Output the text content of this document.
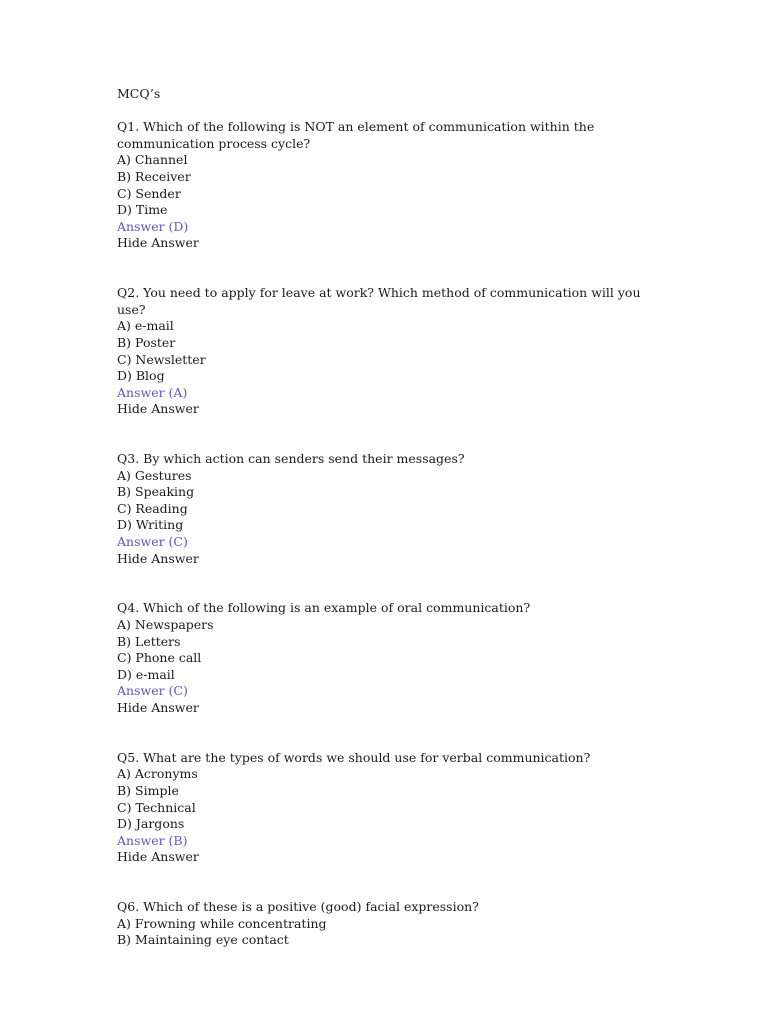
MCQ’s

Q1. Which of the following is NOT an element of communication within the communication process cycle?

A) Channel

B) Receiver

C) Sender

D) Time

Answer (D)

Hide Answer

Q2. You need to apply for leave at work? Which method of communication will you use?

A) e-mail

B) Poster

C) Newsletter

D) Blog

Answer (A)

Hide Answer

Q3. By which action can senders send their messages?

A) Gestures

B) Speaking

C) Reading

D) Writing

Answer (C)

Hide Answer

Q4. Which of the following is an example of oral communication?

A) Newspapers

B) Letters

C) Phone call

D) e-mail

Answer (C)

Hide Answer

Q5. What are the types of words we should use for verbal communication?

A) Acronyms

B) Simple

C) Technical

D) Jargons

Answer (B)

Hide Answer

Q6. Which of these is a positive (good) facial expression?

A) Frowning while concentrating

B) Maintaining eye contact
